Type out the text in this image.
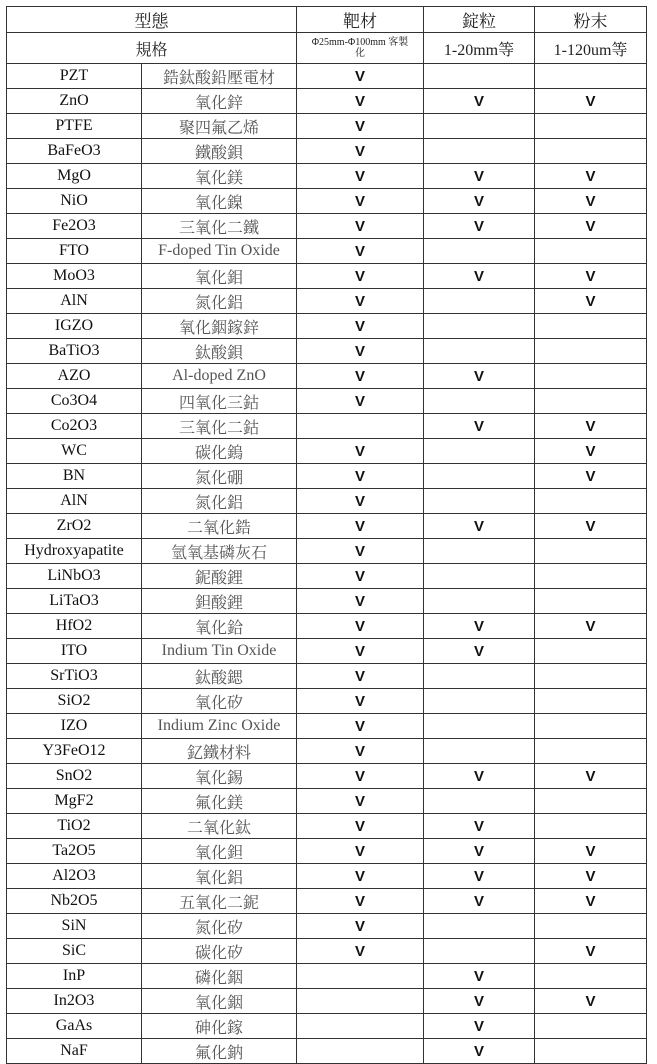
型態		靶材	錠粒	粉末
規格		Φ25mm-Φ100mm 客製化	1-20mm等	1-120um等
PZT	鋯鈦酸鉛壓電材	V		
ZnO	氧化鋅	V	V	V
PTFE	聚四氟乙烯	V		
BaFeO3	鐵酸鋇	V		
MgO	氧化鎂	V	V	V
NiO	氧化鎳	V	V	V
Fe2O3	三氧化二鐵	V	V	V
FTO	F-doped Tin Oxide	V		
MoO3	氧化鉬	V	V	V
AlN	氮化鋁	V		V
IGZO	氧化銦鎵鋅	V		
BaTiO3	鈦酸鋇	V		
AZO	Al-doped ZnO	V	V	
Co3O4	四氧化三鈷	V		
Co2O3	三氧化二鈷		V	V
WC	碳化鎢	V		V
BN	氮化硼	V		V
AlN	氮化鋁	V		
ZrO2	二氧化鋯	V	V	V
Hydroxyapatite	氫氧基磷灰石	V		
LiNbO3	鈮酸鋰	V		
LiTaO3	鉭酸鋰	V		
HfO2	氧化鉿	V	V	V
ITO	Indium Tin Oxide	V	V	
SrTiO3	鈦酸鍶	V		
SiO2	氧化矽	V		
IZO	Indium Zinc Oxide	V		
Y3FeO12	釔鐵材料	V		
SnO2	氧化錫	V	V	V
MgF2	氟化鎂	V		
TiO2	二氧化鈦	V	V	
Ta2O5	氧化鉭	V	V	V
Al2O3	氧化鋁	V	V	V
Nb2O5	五氧化二鈮	V	V	V
SiN	氮化矽	V		
SiC	碳化矽	V		V
InP	磷化銦		V	
In2O3	氧化銦		V	V
GaAs	砷化鎵		V	
NaF	氟化鈉		V	
